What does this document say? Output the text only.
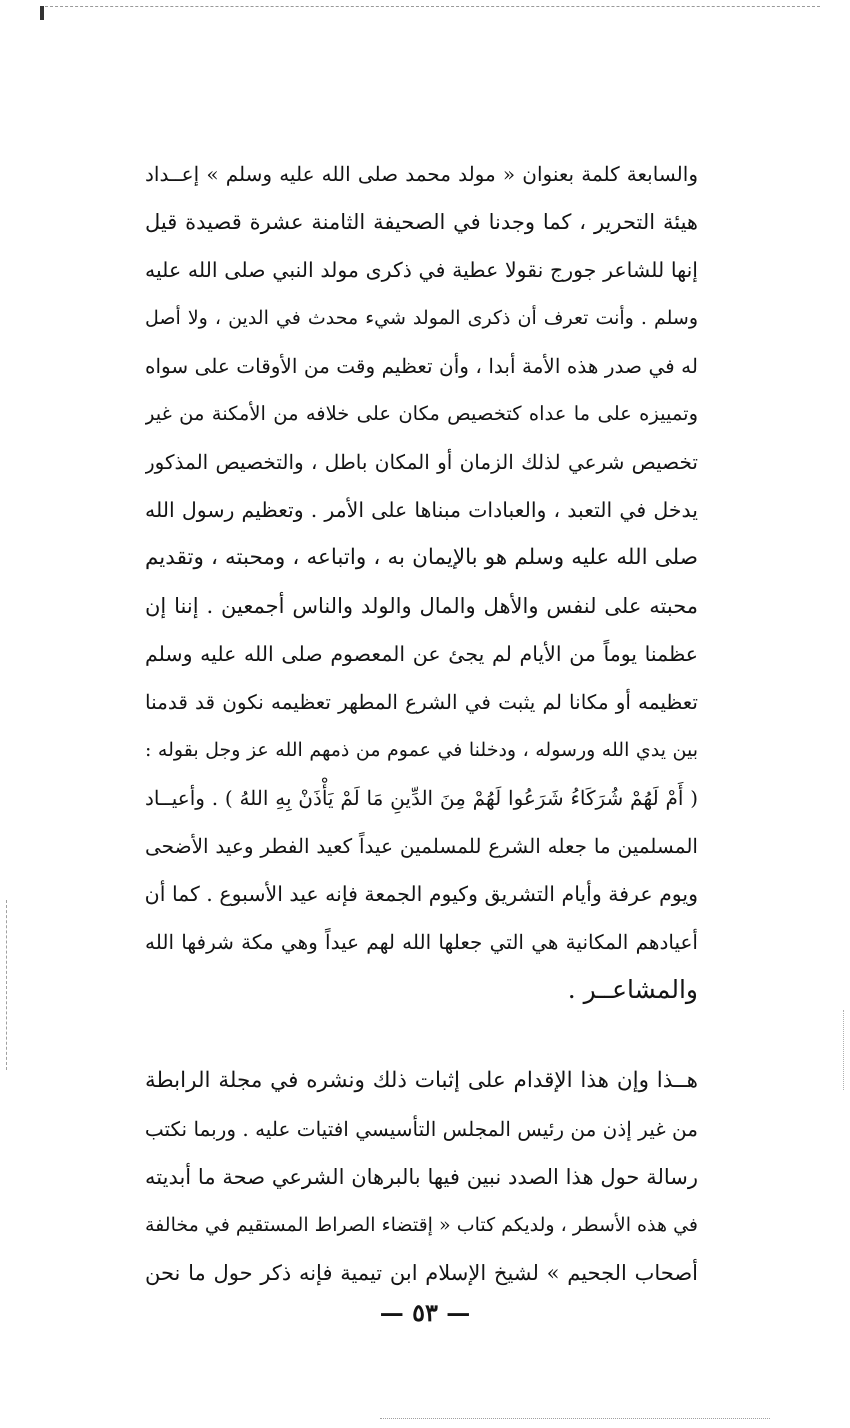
والسابعة كلمة بعنوان « مولد محمد صلى الله عليه وسلم » إعــداد
هيئة التحرير ، كما وجدنا في الصحيفة الثامنة عشرة قصيدة قيل
إنها للشاعر جورج نقولا عطية في ذكرى مولد النبي صلى الله عليه
وسلم . وأنت تعرف أن ذكرى المولد شيء محدث في الدين ، ولا أصل
له في صدر هذه الأمة أبدا ، وأن تعظيم وقت من الأوقات على سواه
وتمييزه على ما عداه كتخصيص مكان على خلافه من الأمكنة من غير
تخصيص شرعي لذلك الزمان أو المكان باطل ، والتخصيص المذكور
يدخل في التعبد ، والعبادات مبناها على الأمر . وتعظيم رسول الله
صلى الله عليه وسلم هو بالإيمان به ، واتباعه ، ومحبته ، وتقديم
محبته على لنفس والأهل والمال والولد والناس أجمعين . إننا إن
عظمنا يوماً من الأيام لم يجئ عن المعصوم صلى الله عليه وسلم
تعظيمه أو مكانا لم يثبت في الشرع المطهر تعظيمه نكون قد قدمنا
بين يدي الله ورسوله ، ودخلنا في عموم من ذمهم الله عز وجل بقوله :
( أَمْ لَهُمْ شُرَكَاءُ شَرَعُوا لَهُمْ مِنَ الدِّينِ مَا لَمْ يَأْذَنْ بِهِ اللهُ ) . وأعيــاد
المسلمين ما جعله الشرع للمسلمين عيداً كعيد الفطر وعيد الأضحى
ويوم عرفة وأيام التشريق وكيوم الجمعة فإنه عيد الأسبوع . كما أن
أعيادهم المكانية هي التي جعلها الله لهم عيداً وهي مكة شرفها الله
والمشاعــر .
هــذا وإن هذا الإقدام على إثبات ذلك ونشره في مجلة الرابطة
من غير إذن من رئيس المجلس التأسيسي افتيات عليه . وربما نكتب
رسالة حول هذا الصدد نبين فيها بالبرهان الشرعي صحة ما أبديته
في هذه الأسطر ، ولديكم كتاب « إقتضاء الصراط المستقيم في مخالفة
أصحاب الجحيم » لشيخ الإسلام ابن تيمية فإنه ذكر حول ما نحن
— ٥٣ —
